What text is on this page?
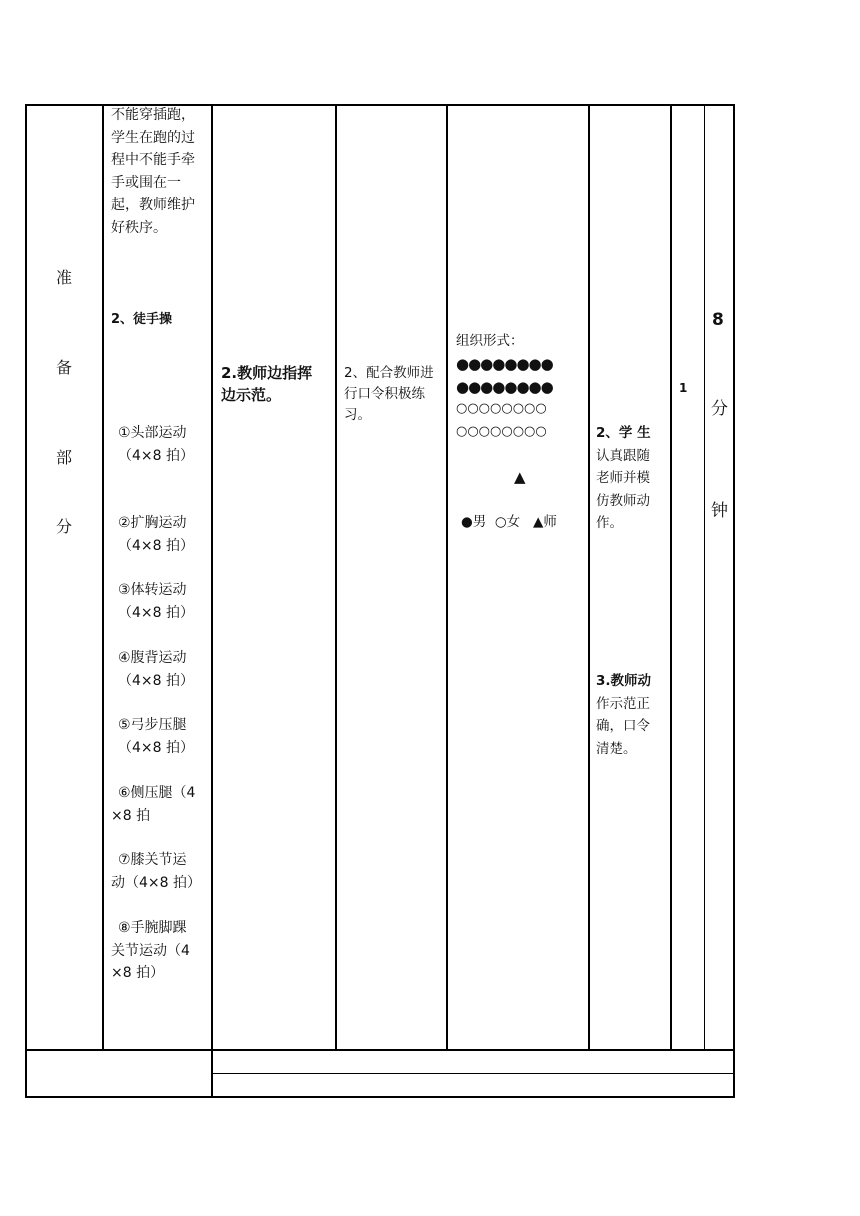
准
备
部
分
不能穿插跑，
学生在跑的过
程中不能手牵
手或围在一
起，教师维护
好秩序。
2、徒手操
①头部运动
（4×8 拍）
②扩胸运动
（4×8 拍）
③体转运动
（4×8 拍）
④腹背运动
（4×8 拍）
⑤弓步压腿
（4×8 拍）
⑥侧压腿（4
×8 拍
⑦膝关节运
动（4×8 拍）
⑧手腕脚踝
关节运动（4
×8 拍）
2.教师边指挥
边示范。
2、配合教师进
行口令积极练
习。
组织形式：
●●●●●●●●
●●●●●●●●
○○○○○○○○
○○○○○○○○
▲
●男  ○女   ▲师
2、学 生
认真跟随
老师并模
仿教师动
作。
3.教师动
作示范正
确，口令
清楚。
1
8
分
钟
